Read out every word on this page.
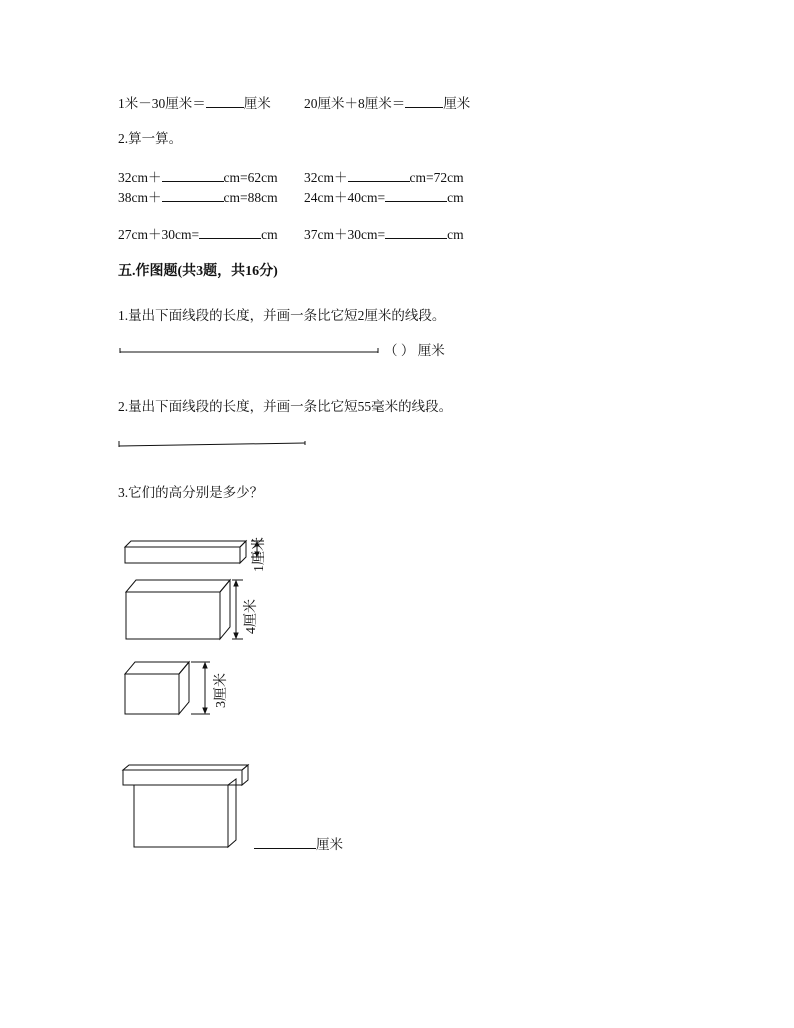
1米－30厘米＝	厘米 20厘米＋8厘米＝	厘米
2.算一算。
32cm＋	cm=62cm 32cm＋	cm=72cm
38cm＋	cm=88cm 24cm＋40cm=	cm
27cm＋30cm=	cm 37cm＋30cm=	cm
五.作图题(共3题，共16分)
1.量出下面线段的长度，并画一条比它短2厘米的线段。
（ ） 厘米
2.量出下面线段的长度，并画一条比它短55毫米的线段。
3.它们的高分别是多少？
1厘米
4厘米
3厘米
厘米
